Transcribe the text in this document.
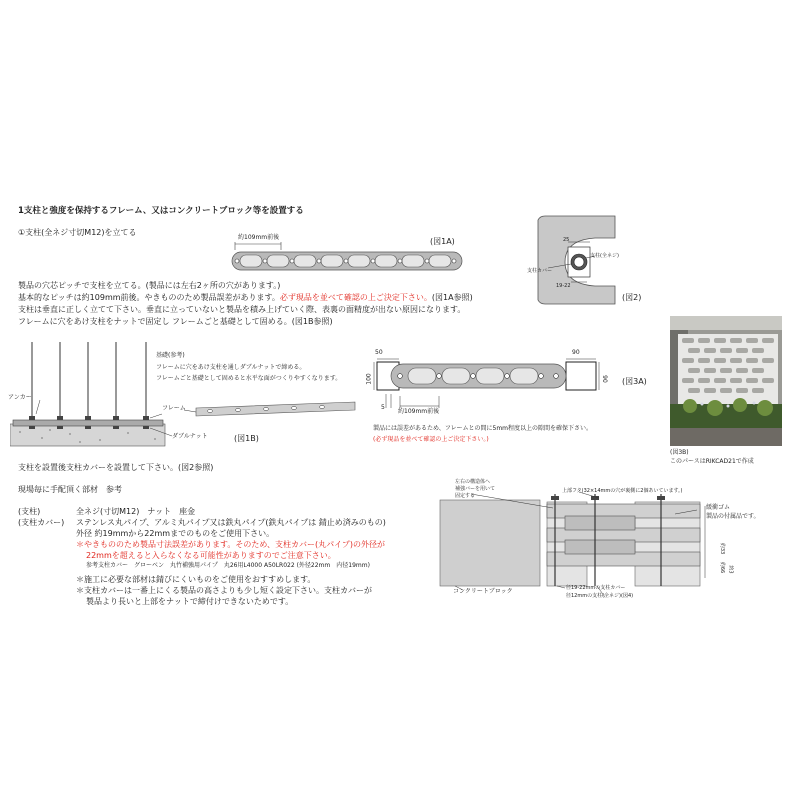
1支柱と強度を保持するフレーム、又はコンクリートブロック等を設置する
①支柱(全ネジ寸切M12)を立てる
約109mm前後	(図1A)	25
19-22
支柱カバー
支柱(全ネジ)
(図2)
製品の穴芯ピッチで支柱を立てる。(製品には左右2ヶ所の穴があります。)
基本的なピッチは約109mm前後。やきもののため製品誤差があります。必ず現品を並べて確認の上ご決定下さい。(図1A参照)
支柱は垂直に正しく立てて下さい。垂直に立っていないと製品を積み上げていく際、表裏の面精度が出ない原因になります。
フレームに穴をあけ支柱をナットで固定し フレームごと基礎として固める。(図1B参照)
基礎(参考)
フレームに穴をあけ支柱を通しダブルナットで締める。
フレームごと基礎として固めると水平な面がつくりやすくなります。
アンカー
フレーム
ダブルナット	(図1B)
50
100
90
90
5
約109mm前後
(図3A)
製品には誤差があるため、フレームとの間に5mm程度以上の隙間を確保下さい。
(必ず現品を並べて確認の上ご決定下さい。)
(図3B)
このパースはRIKCAD21で作成
支柱を設置後支柱カバーを設置して下さい。(図2参照)
現場毎に手配頂く部材　参考
(支柱)	全ネジ(寸切M12)　ナット　座金
(支柱カバー) ステンレス丸パイプ、アルミ丸パイプ又は鉄丸パイプ(鉄丸パイプは 錆止め済みのもの)
外径 約19mmから22mmまでのものをご使用下さい。
＊やきもののため製品寸法誤差があります。そのため、支柱カバー(丸パイプ)の外径が
22mmを超えると入らなくなる可能性がありますのでご注意下さい。
参考支柱カバー　グローベン　丸竹補強用パイプ　丸26用L4000 A50LR022 (外径22mm　内径19mm)
＊施工に必要な部材は錆びにくいものをご使用をおすすめします。
＊支柱カバーは一番上にくる製品の高さよりも少し短く設定下さい。支柱カバーが
製品より長いと上部をナットで締付けできないためです。
左右の構造体へ
補強バーを用いて
固定する
上部フタ(32×14mmの穴が裏側に2個あいています。)
緩衝ゴム
製品の付属品です。
約33
約66 約3
コンクリートブロック	径19-22mmの支柱カバー
径12mmの支柱(全ネジ)(図4)
